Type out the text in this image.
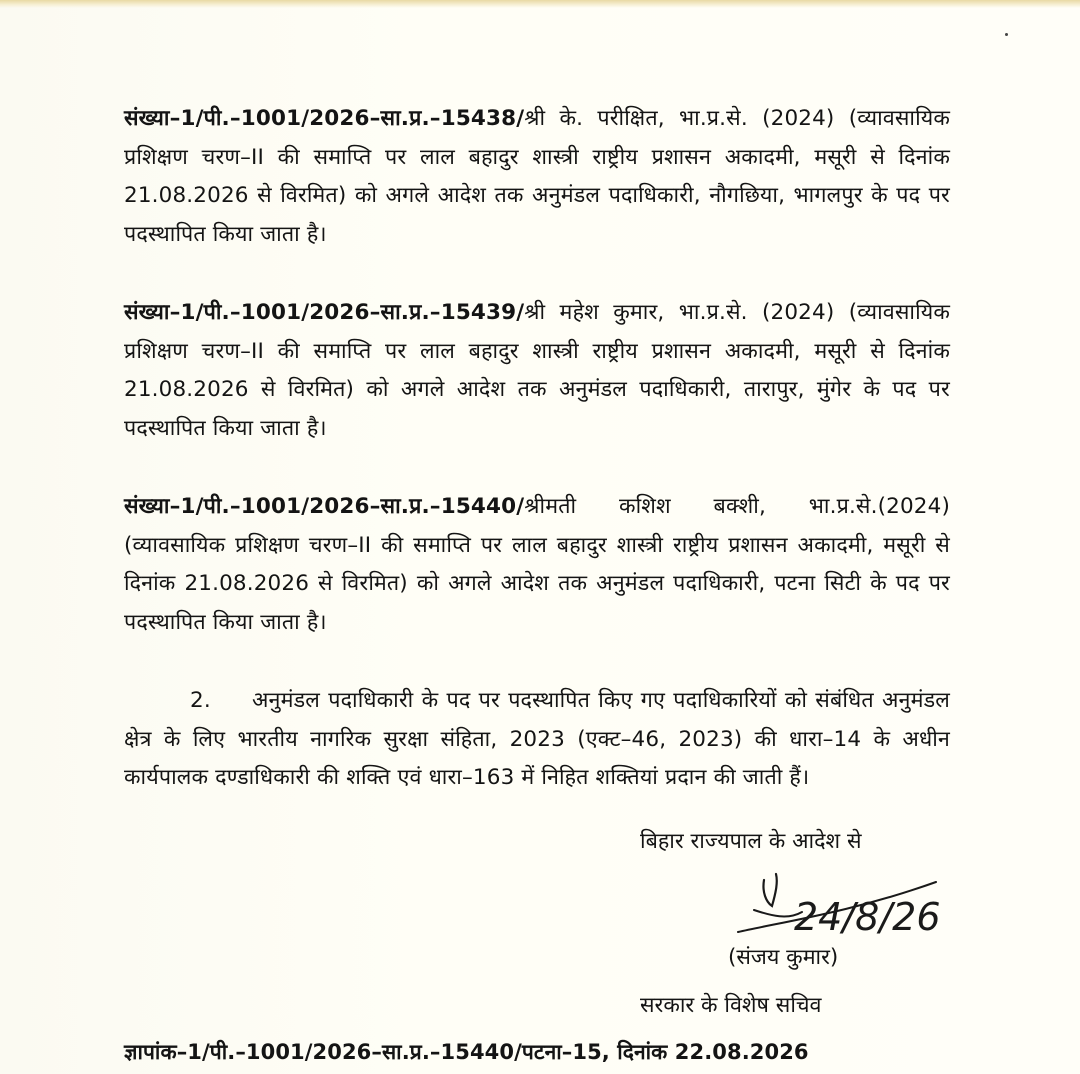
संख्या–1/पी.–1001/2026–सा.प्र.–15438/श्री के. परीक्षित, भा.प्र.से. (2024) (व्यावसायिक प्रशिक्षण चरण–II की समाप्ति पर लाल बहादुर शास्त्री राष्ट्रीय प्रशासन अकादमी, मसूरी से दिनांक 21.08.2026 से विरमित) को अगले आदेश तक अनुमंडल पदाधिकारी, नौगछिया, भागलपुर के पद पर पदस्थापित किया जाता है।

संख्या–1/पी.–1001/2026–सा.प्र.–15439/श्री महेश कुमार, भा.प्र.से. (2024) (व्यावसायिक प्रशिक्षण चरण–II की समाप्ति पर लाल बहादुर शास्त्री राष्ट्रीय प्रशासन अकादमी, मसूरी से दिनांक 21.08.2026 से विरमित) को अगले आदेश तक अनुमंडल पदाधिकारी, तारापुर, मुंगेर के पद पर पदस्थापित किया जाता है।

संख्या–1/पी.–1001/2026–सा.प्र.–15440/श्रीमती कशिश बक्शी, भा.प्र.से.(2024) (व्यावसायिक प्रशिक्षण चरण–II की समाप्ति पर लाल बहादुर शास्त्री राष्ट्रीय प्रशासन अकादमी, मसूरी से दिनांक 21.08.2026 से विरमित) को अगले आदेश तक अनुमंडल पदाधिकारी, पटना सिटी के पद पर पदस्थापित किया जाता है।

2. अनुमंडल पदाधिकारी के पद पर पदस्थापित किए गए पदाधिकारियों को संबंधित अनुमंडल क्षेत्र के लिए भारतीय नागरिक सुरक्षा संहिता, 2023 (एक्ट–46, 2023) की धारा–14 के अधीन कार्यपालक दण्डाधिकारी की शक्ति एवं धारा–163 में निहित शक्तियां प्रदान की जाती हैं।

बिहार राज्यपाल के आदेश से
24/8/26
(संजय कुमार)
सरकार के विशेष सचिव
ज्ञापांक–1/पी.–1001/2026–सा.प्र.–15440/पटना–15, दिनांक 22.08.2026
